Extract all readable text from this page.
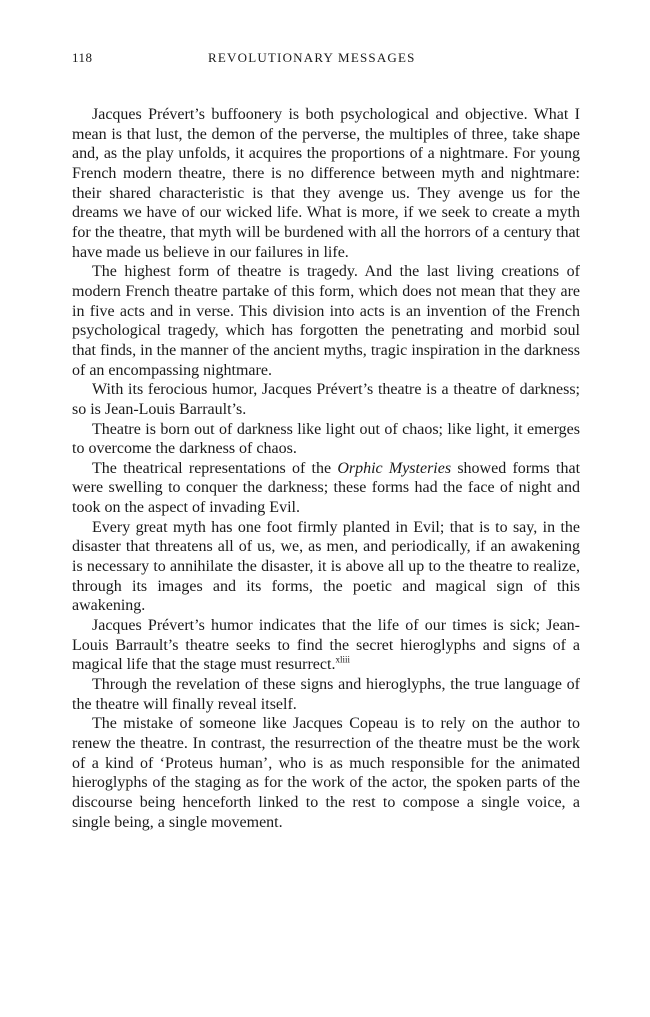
118	REVOLUTIONARY MESSAGES

Jacques Prévert’s buffoonery is both psychological and objective. What I mean is that lust, the demon of the perverse, the multiples of three, take shape and, as the play unfolds, it acquires the proportions of a nightmare. For young French modern theatre, there is no difference between myth and nightmare: their shared characteristic is that they avenge us. They avenge us for the dreams we have of our wicked life. What is more, if we seek to create a myth for the theatre, that myth will be burdened with all the horrors of a century that have made us believe in our failures in life.

The highest form of theatre is tragedy. And the last living creations of modern French theatre partake of this form, which does not mean that they are in five acts and in verse. This division into acts is an invention of the French psychological tragedy, which has forgotten the penetrating and morbid soul that finds, in the manner of the ancient myths, tragic inspiration in the darkness of an encompassing nightmare.

With its ferocious humor, Jacques Prévert’s theatre is a theatre of darkness; so is Jean-Louis Barrault’s.

Theatre is born out of darkness like light out of chaos; like light, it emerges to overcome the darkness of chaos.

The theatrical representations of the Orphic Mysteries showed forms that were swelling to conquer the darkness; these forms had the face of night and took on the aspect of invading Evil.

Every great myth has one foot firmly planted in Evil; that is to say, in the disaster that threatens all of us, we, as men, and periodically, if an awakening is necessary to annihilate the disaster, it is above all up to the theatre to realize, through its images and its forms, the poetic and magical sign of this awakening.

Jacques Prévert’s humor indicates that the life of our times is sick; Jean-Louis Barrault’s theatre seeks to find the secret hieroglyphs and signs of a magical life that the stage must resurrect.$^{xliii}$

Through the revelation of these signs and hieroglyphs, the true language of the theatre will finally reveal itself.

The mistake of someone like Jacques Copeau is to rely on the author to renew the theatre. In contrast, the resurrection of the theatre must be the work of a kind of ‘Proteus human’, who is as much responsible for the animated hieroglyphs of the staging as for the work of the actor, the spoken parts of the discourse being henceforth linked to the rest to compose a single voice, a single being, a single movement.
